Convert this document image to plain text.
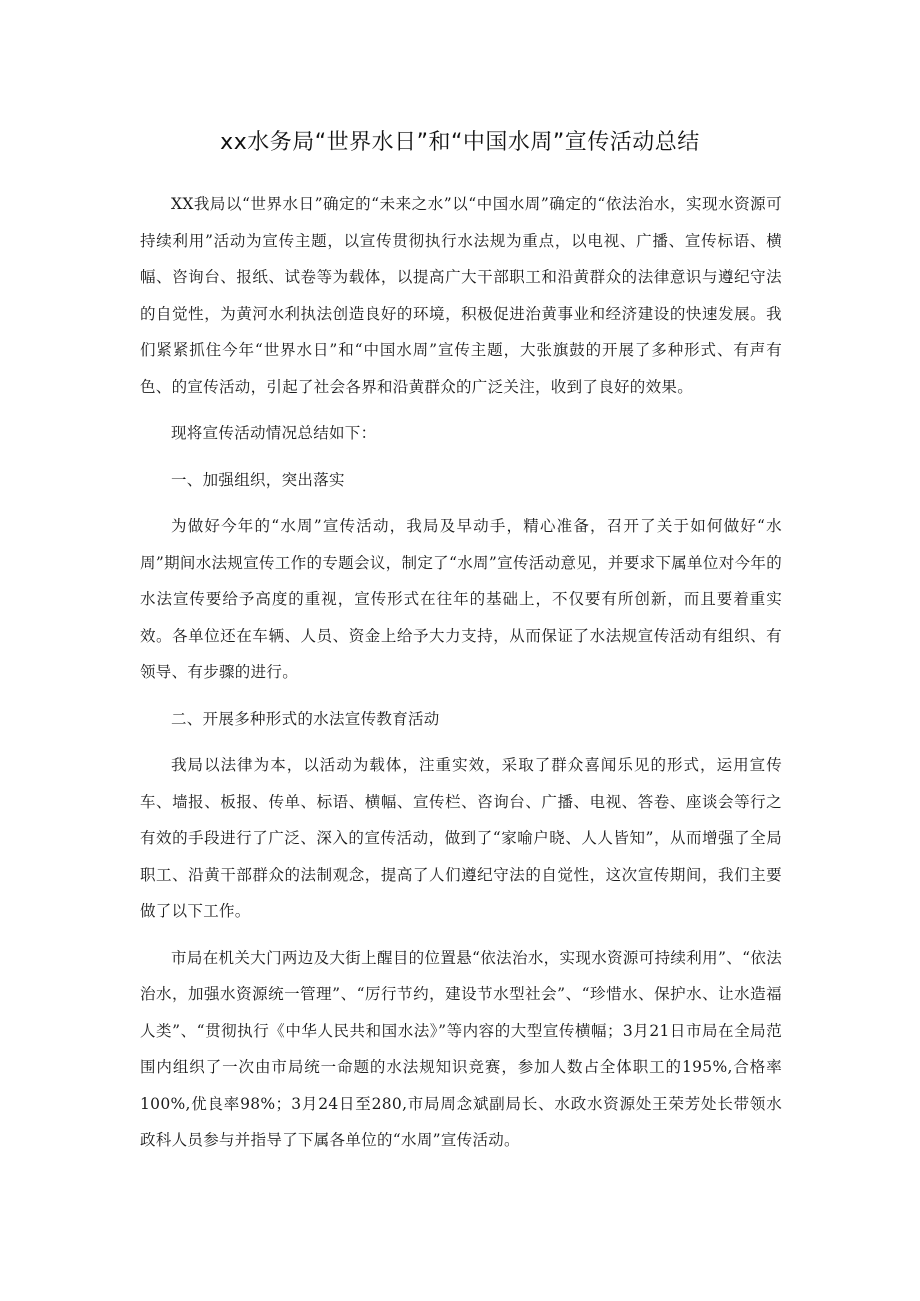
xx水务局“世界水日”和“中国水周”宣传活动总结

XX我局以“世界水日”确定的“未来之水”以“中国水周”确定的“依法治水，实现水资源可持续利用”活动为宣传主题，以宣传贯彻执行水法规为重点，以电视、广播、宣传标语、横幅、咨询台、报纸、试卷等为载体，以提高广大干部职工和沿黄群众的法律意识与遵纪守法的自觉性，为黄河水利执法创造良好的环境，积极促进治黄事业和经济建设的快速发展。我们紧紧抓住今年“世界水日”和“中国水周”宣传主题，大张旗鼓的开展了多种形式、有声有色、的宣传活动，引起了社会各界和沿黄群众的广泛关注，收到了良好的效果。

现将宣传活动情况总结如下：

一、加强组织，突出落实

为做好今年的“水周”宣传活动，我局及早动手，精心准备，召开了关于如何做好“水周”期间水法规宣传工作的专题会议，制定了“水周”宣传活动意见，并要求下属单位对今年的水法宣传要给予高度的重视，宣传形式在往年的基础上，不仅要有所创新，而且要着重实效。各单位还在车辆、人员、资金上给予大力支持，从而保证了水法规宣传活动有组织、有领导、有步骤的进行。

二、开展多种形式的水法宣传教育活动

我局以法律为本，以活动为载体，注重实效，采取了群众喜闻乐见的形式，运用宣传车、墙报、板报、传单、标语、横幅、宣传栏、咨询台、广播、电视、答卷、座谈会等行之有效的手段进行了广泛、深入的宣传活动，做到了“家喻户晓、人人皆知”，从而增强了全局职工、沿黄干部群众的法制观念，提高了人们遵纪守法的自觉性，这次宣传期间，我们主要做了以下工作。

市局在机关大门两边及大街上醒目的位置悬“依法治水，实现水资源可持续利用”、“依法治水，加强水资源统一管理”、“厉行节约，建设节水型社会”、“珍惜水、保护水、让水造福人类”、“贯彻执行《中华人民共和国水法》”等内容的大型宣传横幅；3月21日市局在全局范围内组织了一次由市局统一命题的水法规知识竞赛，参加人数占全体职工的195%,合格率100%,优良率98%；3月24日至280,市局周念斌副局长、水政水资源处王荣芳处长带领水政科人员参与并指导了下属各单位的“水周”宣传活动。
